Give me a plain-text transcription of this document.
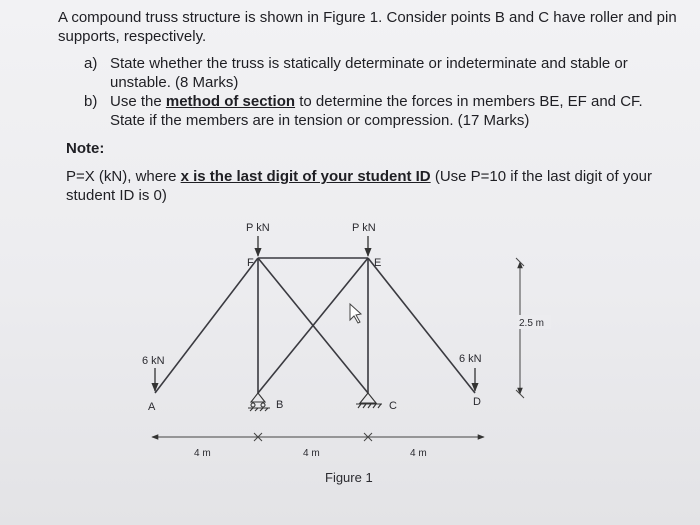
A compound truss structure is shown in Figure 1. Consider points B and C have roller and pin supports, respectively.

a) State whether the truss is statically determinate or indeterminate and stable or unstable. (8 Marks)
b) Use the method of section to determine the forces in members BE, EF and CF. State if the members are in tension or compression. (17 Marks)

Note:

P=X (kN), where x is the last digit of your student ID (Use P=10 if the last digit of your student ID is 0)

P kN	P kN
6 kN	6 kN
A	B	C	D
E
F
4 m	4 m	4 m
2.5 m
Figure 1
